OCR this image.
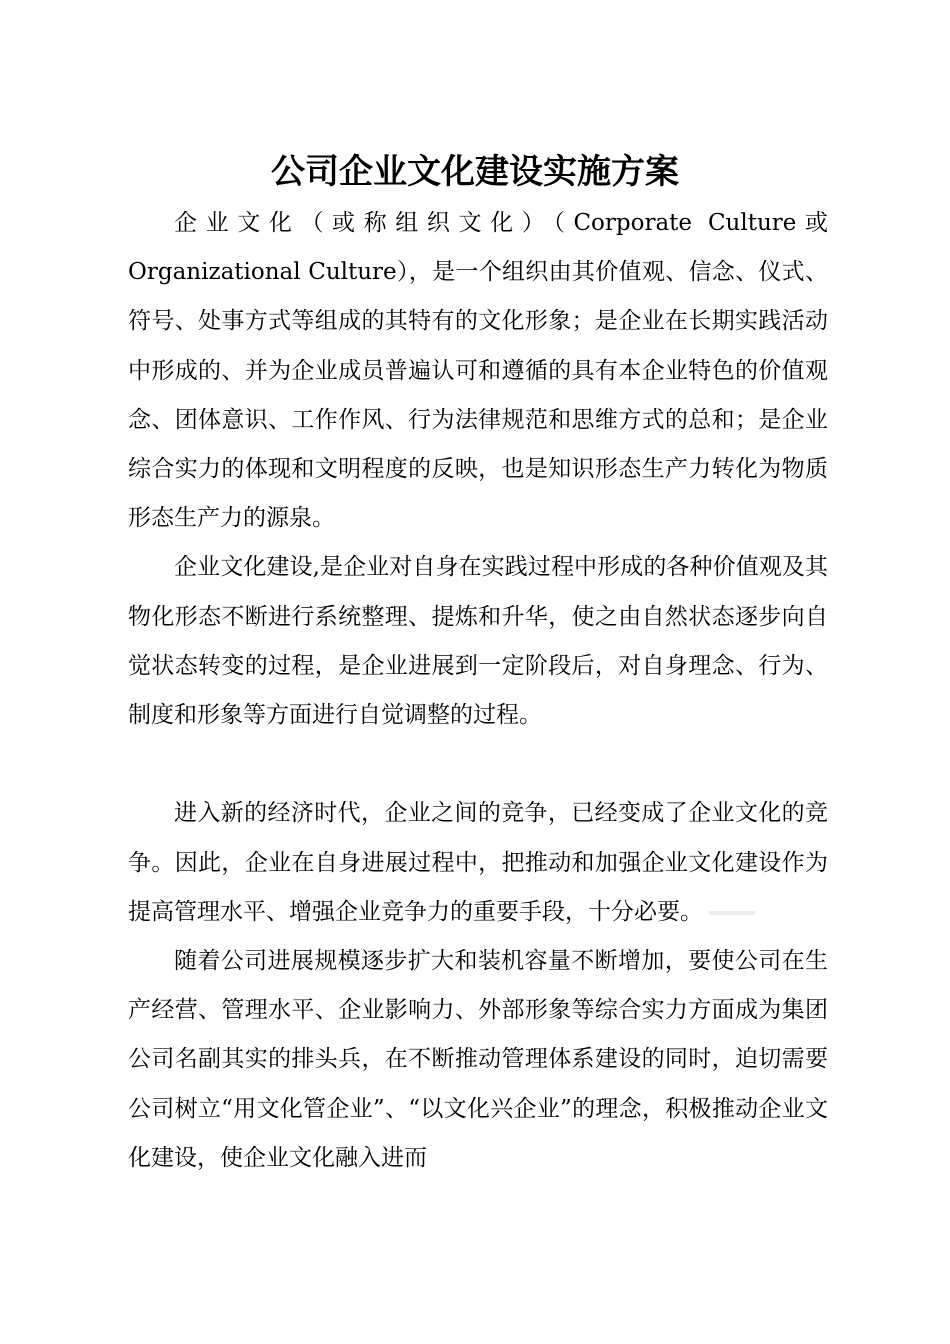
公司企业文化建设实施方案

企业文化（或称组织文化）（Corporate Culture或Organizational Culture），是一个组织由其价值观、信念、仪式、符号、处事方式等组成的其特有的文化形象；是企业在长期实践活动中形成的、并为企业成员普遍认可和遵循的具有本企业特色的价值观念、团体意识、工作作风、行为法律规范和思维方式的总和；是企业综合实力的体现和文明程度的反映，也是知识形态生产力转化为物质形态生产力的源泉。

企业文化建设,是企业对自身在实践过程中形成的各种价值观及其物化形态不断进行系统整理、提炼和升华，使之由自然状态逐步向自觉状态转变的过程，是企业进展到一定阶段后，对自身理念、行为、制度和形象等方面进行自觉调整的过程。

进入新的经济时代，企业之间的竞争，已经变成了企业文化的竞争。因此，企业在自身进展过程中，把推动和加强企业文化建设作为提高管理水平、增强企业竞争力的重要手段，十分必要。

随着公司进展规模逐步扩大和装机容量不断增加，要使公司在生产经营、管理水平、企业影响力、外部形象等综合实力方面成为集团公司名副其实的排头兵，在不断推动管理体系建设的同时，迫切需要公司树立“用文化管企业”、“以文化兴企业”的理念，积极推动企业文化建设，使企业文化融入进而
